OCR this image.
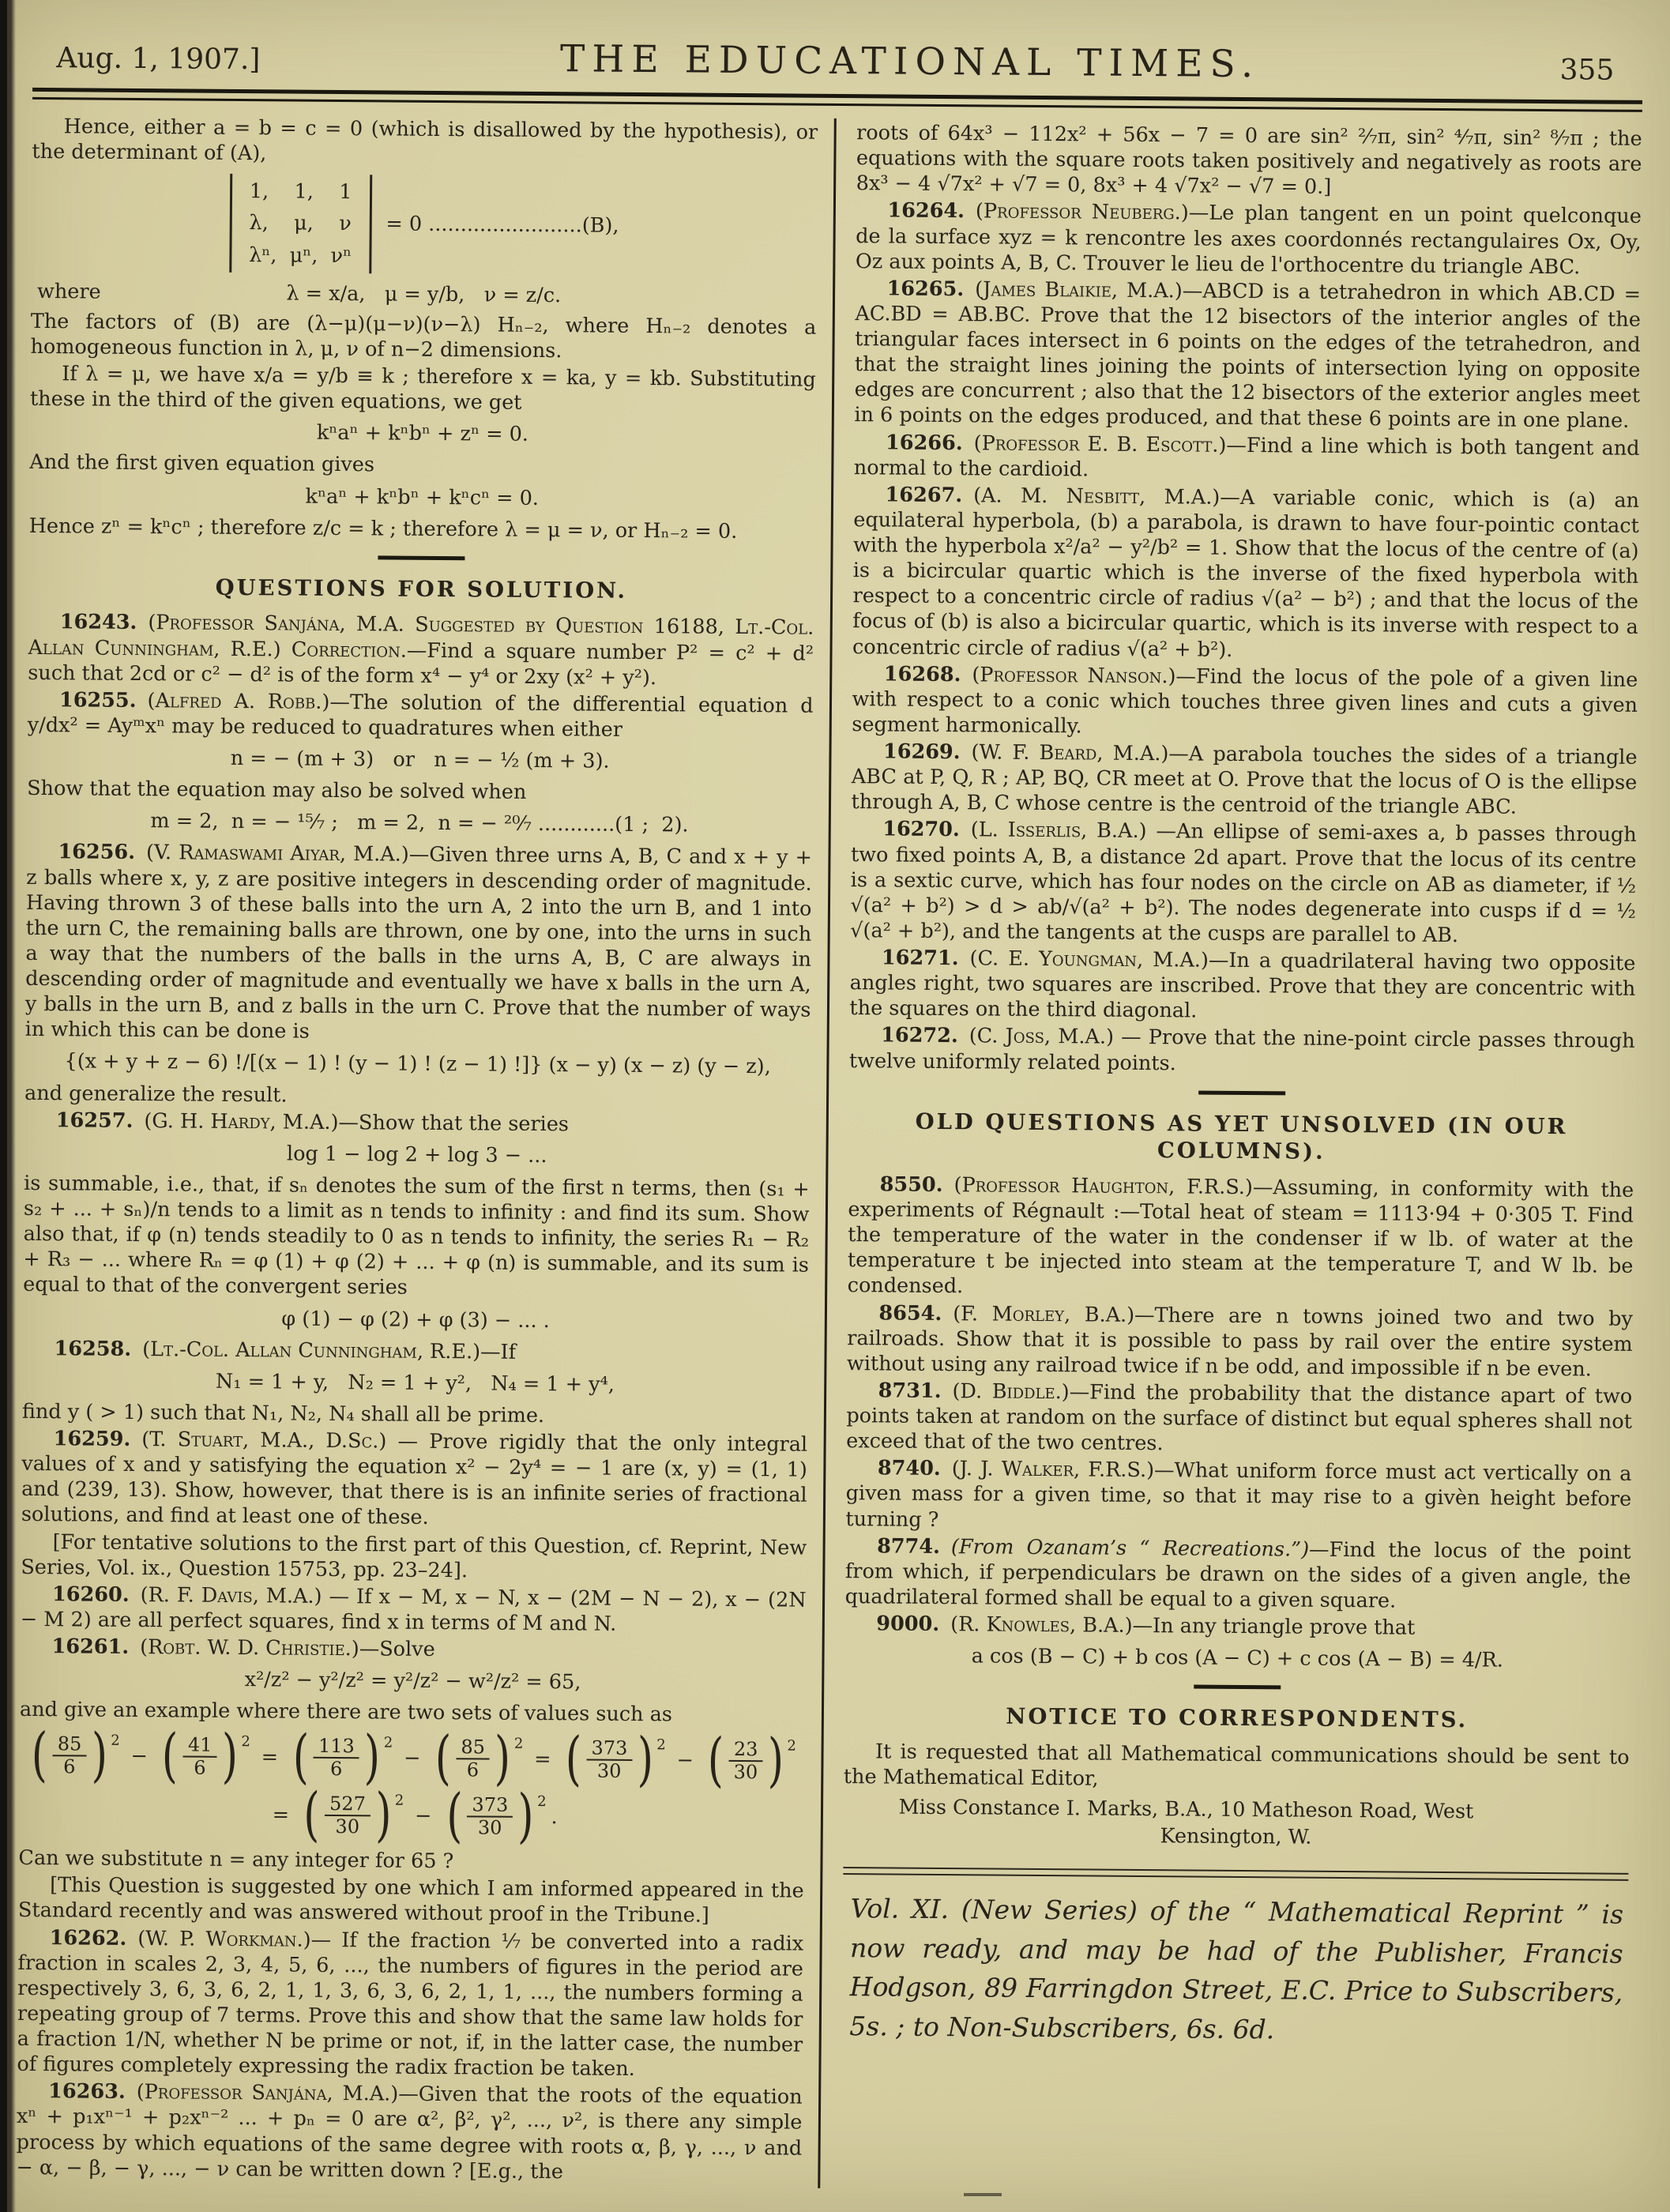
Aug. 1, 1907.]	THE EDUCATIONAL TIMES.	355

Hence, either a = b = c = 0 (which is disallowed by the hypothesis), or the determinant of (A),

1,    1,    1
λ,    μ,    ν
λⁿ,  μⁿ,  νⁿ
= 0 ........................(B),
where	λ = x/a,   μ = y/b,   ν = z/c.

The factors of (B) are (λ−μ)(μ−ν)(ν−λ) Hₙ₋₂, where Hₙ₋₂ denotes a homogeneous function in λ, μ, ν of n−2 dimensions.

If λ = μ, we have x/a = y/b ≡ k ; therefore x = ka, y = kb. Substituting these in the third of the given equations, we get

kⁿaⁿ + kⁿbⁿ + zⁿ = 0.

And the first given equation gives

kⁿaⁿ + kⁿbⁿ + kⁿcⁿ = 0.

Hence zⁿ = kⁿcⁿ ; therefore z/c = k ; therefore λ = μ = ν, or Hₙ₋₂ = 0.

QUESTIONS FOR SOLUTION.

16243. (Professor Sanjána, M.A. Suggested by Question 16188, Lt.-Col. Allan Cunningham, R.E.) Correction.—Find a square number P² = c² + d² such that 2cd or c² − d² is of the form x⁴ − y⁴ or 2xy (x² + y²).

16255. (Alfred A. Robb.)—The solution of the differential equation d y/dx² = Ayᵐxⁿ may be reduced to quadratures when either

n = − (m + 3)   or   n = − ½ (m + 3).

Show that the equation may also be solved when

m = 2,  n = − ¹⁵⁄₇ ;   m = 2,  n = − ²⁰⁄₇ ............(1 ;  2).

16256. (V. Ramaswami Aiyar, M.A.)—Given three urns A, B, C and x + y + z balls where x, y, z are positive integers in descending order of magnitude. Having thrown 3 of these balls into the urn A, 2 into the urn B, and 1 into the urn C, the remaining balls are thrown, one by one, into the urns in such a way that the numbers of the balls in the urns A, B, C are always in descending order of magnitude and eventually we have x balls in the urn A, y balls in the urn B, and z balls in the urn C. Prove that the number of ways in which this can be done is

{(x + y + z − 6) !/[(x − 1) ! (y − 1) ! (z − 1) !]} (x − y) (x − z) (y − z),

and generalize the result.

16257. (G. H. Hardy, M.A.)—Show that the series

log 1 − log 2 + log 3 − ...

is summable, i.e., that, if sₙ denotes the sum of the first n terms, then (s₁ + s₂ + ... + sₙ)/n tends to a limit as n tends to infinity : and find its sum. Show also that, if φ (n) tends steadily to 0 as n tends to infinity, the series R₁ − R₂ + R₃ − ... where Rₙ = φ (1) + φ (2) + ... + φ (n) is summable, and its sum is equal to that of the convergent series

φ (1) − φ (2) + φ (3) − ... .

16258. (Lt.-Col. Allan Cunningham, R.E.)—If

N₁ = 1 + y,   N₂ = 1 + y²,   N₄ = 1 + y⁴,

find y ( > 1) such that N₁, N₂, N₄ shall all be prime.

16259. (T. Stuart, M.A., D.Sc.) — Prove rigidly that the only integral values of x and y satisfying the equation x² − 2y⁴ = − 1 are (x, y) = (1, 1) and (239, 13). Show, however, that there is is an infinite series of fractional solutions, and find at least one of these.

[For tentative solutions to the first part of this Question, cf. Reprint, New Series, Vol. ix., Question 15753, pp. 23–24].

16260. (R. F. Davis, M.A.) — If x − M, x − N, x − (2M − N − 2), x − (2N − M 2) are all perfect squares, find x in terms of M and N.

16261. (Robt. W. D. Christie.)—Solve

x²/z² − y²/z² = y²/z² − w²/z² = 65,

and give an example where there are two sets of values such as

( $\frac{85}{6}$ ) 2
− ( $\frac{41}{6}$ ) 2
= ( $\frac{113}{6}$ ) 2
− ( $\frac{85}{6}$ ) 2
= ( $\frac{373}{30}$ ) 2
− ( $\frac{23}{30}$ ) 2
= ( $\frac{527}{30}$ ) 2
− ( $\frac{373}{30}$ ) 2
.

Can we substitute n = any integer for 65 ?

[This Question is suggested by one which I am informed appeared in the Standard recently and was answered without proof in the Tribune.]

16262. (W. P. Workman.)— If the fraction ¹⁄₇ be converted into a radix fraction in scales 2, 3, 4, 5, 6, ..., the numbers of figures in the period are respectively 3, 6, 3, 6, 2, 1, 1, 3, 6, 3, 6, 2, 1, 1, ..., the numbers forming a repeating group of 7 terms. Prove this and show that the same law holds for a fraction 1/N, whether N be prime or not, if, in the latter case, the number of figures completely expressing the radix fraction be taken.

16263. (Professor Sanjána, M.A.)—Given that the roots of the equation xⁿ + p₁xⁿ⁻¹ + p₂xⁿ⁻² ... + pₙ = 0 are α², β², γ², ..., ν², is there any simple process by which equations of the same degree with roots α, β, γ, ..., ν and − α, − β, − γ, ..., − ν can be written down ? [E.g., the

roots of 64x³ − 112x² + 56x − 7 = 0 are sin² ²⁄₇π, sin² ⁴⁄₇π, sin² ⁸⁄₇π ; the equations with the square roots taken positively and negatively as roots are 8x³ − 4 √7x² + √7 = 0, 8x³ + 4 √7x² − √7 = 0.]

16264. (Professor Neuberg.)—Le plan tangent en un point quelconque de la surface xyz = k rencontre les axes coordonnés rectangulaires Ox, Oy, Oz aux points A, B, C. Trouver le lieu de l'orthocentre du triangle ABC.

16265. (James Blaikie, M.A.)—ABCD is a tetrahedron in which AB.CD = AC.BD = AB.BC. Prove that the 12 bisectors of the interior angles of the triangular faces intersect in 6 points on the edges of the tetrahedron, and that the straight lines joining the points of intersection lying on opposite edges are concurrent ; also that the 12 bisectors of the exterior angles meet in 6 points on the edges produced, and that these 6 points are in one plane.

16266. (Professor E. B. Escott.)—Find a line which is both tangent and normal to the cardioid.

16267. (A. M. Nesbitt, M.A.)—A variable conic, which is (a) an equilateral hyperbola, (b) a parabola, is drawn to have four-pointic contact with the hyperbola x²/a² − y²/b² = 1. Show that the locus of the centre of (a) is a bicircular quartic which is the inverse of the fixed hyperbola with respect to a concentric circle of radius √(a² − b²) ; and that the locus of the focus of (b) is also a bicircular quartic, which is its inverse with respect to a concentric circle of radius √(a² + b²).

16268. (Professor Nanson.)—Find the locus of the pole of a given line with respect to a conic which touches three given lines and cuts a given segment harmonically.

16269. (W. F. Beard, M.A.)—A parabola touches the sides of a triangle ABC at P, Q, R ; AP, BQ, CR meet at O. Prove that the locus of O is the ellipse through A, B, C whose centre is the centroid of the triangle ABC.

16270. (L. Isserlis, B.A.) —An ellipse of semi-axes a, b passes through two fixed points A, B, a distance 2d apart. Prove that the locus of its centre is a sextic curve, which has four nodes on the circle on AB as diameter, if ½ √(a² + b²) > d > ab/√(a² + b²). The nodes degenerate into cusps if d = ½ √(a² + b²), and the tangents at the cusps are parallel to AB.

16271. (C. E. Youngman, M.A.)—In a quadrilateral having two opposite angles right, two squares are inscribed. Prove that they are concentric with the squares on the third diagonal.

16272. (C. Joss, M.A.) — Prove that the nine-point circle passes through twelve uniformly related points.

OLD QUESTIONS AS YET UNSOLVED (IN OUR COLUMNS).

8550. (Professor Haughton, F.R.S.)—Assuming, in conformity with the experiments of Régnault :—Total heat of steam = 1113·94 + 0·305 T. Find the temperature of the water in the condenser if w lb. of water at the temperature t be injected into steam at the temperature T, and W lb. be condensed.

8654. (F. Morley, B.A.)—There are n towns joined two and two by railroads. Show that it is possible to pass by rail over the entire system without using any railroad twice if n be odd, and impossible if n be even.

8731. (D. Biddle.)—Find the probability that the distance apart of two points taken at random on the surface of distinct but equal spheres shall not exceed that of the two centres.

8740. (J. J. Walker, F.R.S.)—What uniform force must act vertically on a given mass for a given time, so that it may rise to a givèn height before turning ?

8774. (From Ozanam’s “ Recreations.”)—Find the locus of the point from which, if perpendiculars be drawn on the sides of a given angle, the quadrilateral formed shall be equal to a given square.

9000. (R. Knowles, B.A.)—In any triangle prove that

a cos (B − C) + b cos (A − C) + c cos (A − B) = 4/R.
NOTICE TO CORRESPONDENTS.

It is requested that all Mathematical communications should be sent to the Mathematical Editor,

Miss Constance I. Marks, B.A., 10 Matheson Road, West

Kensington, W.

Vol. XI. (New Series) of the “ Mathematical Reprint ” is now ready, and may be had of the Publisher, Francis Hodgson, 89 Farringdon Street, E.C. Price to Subscribers, 5s. ; to Non-Subscribers, 6s. 6d.
